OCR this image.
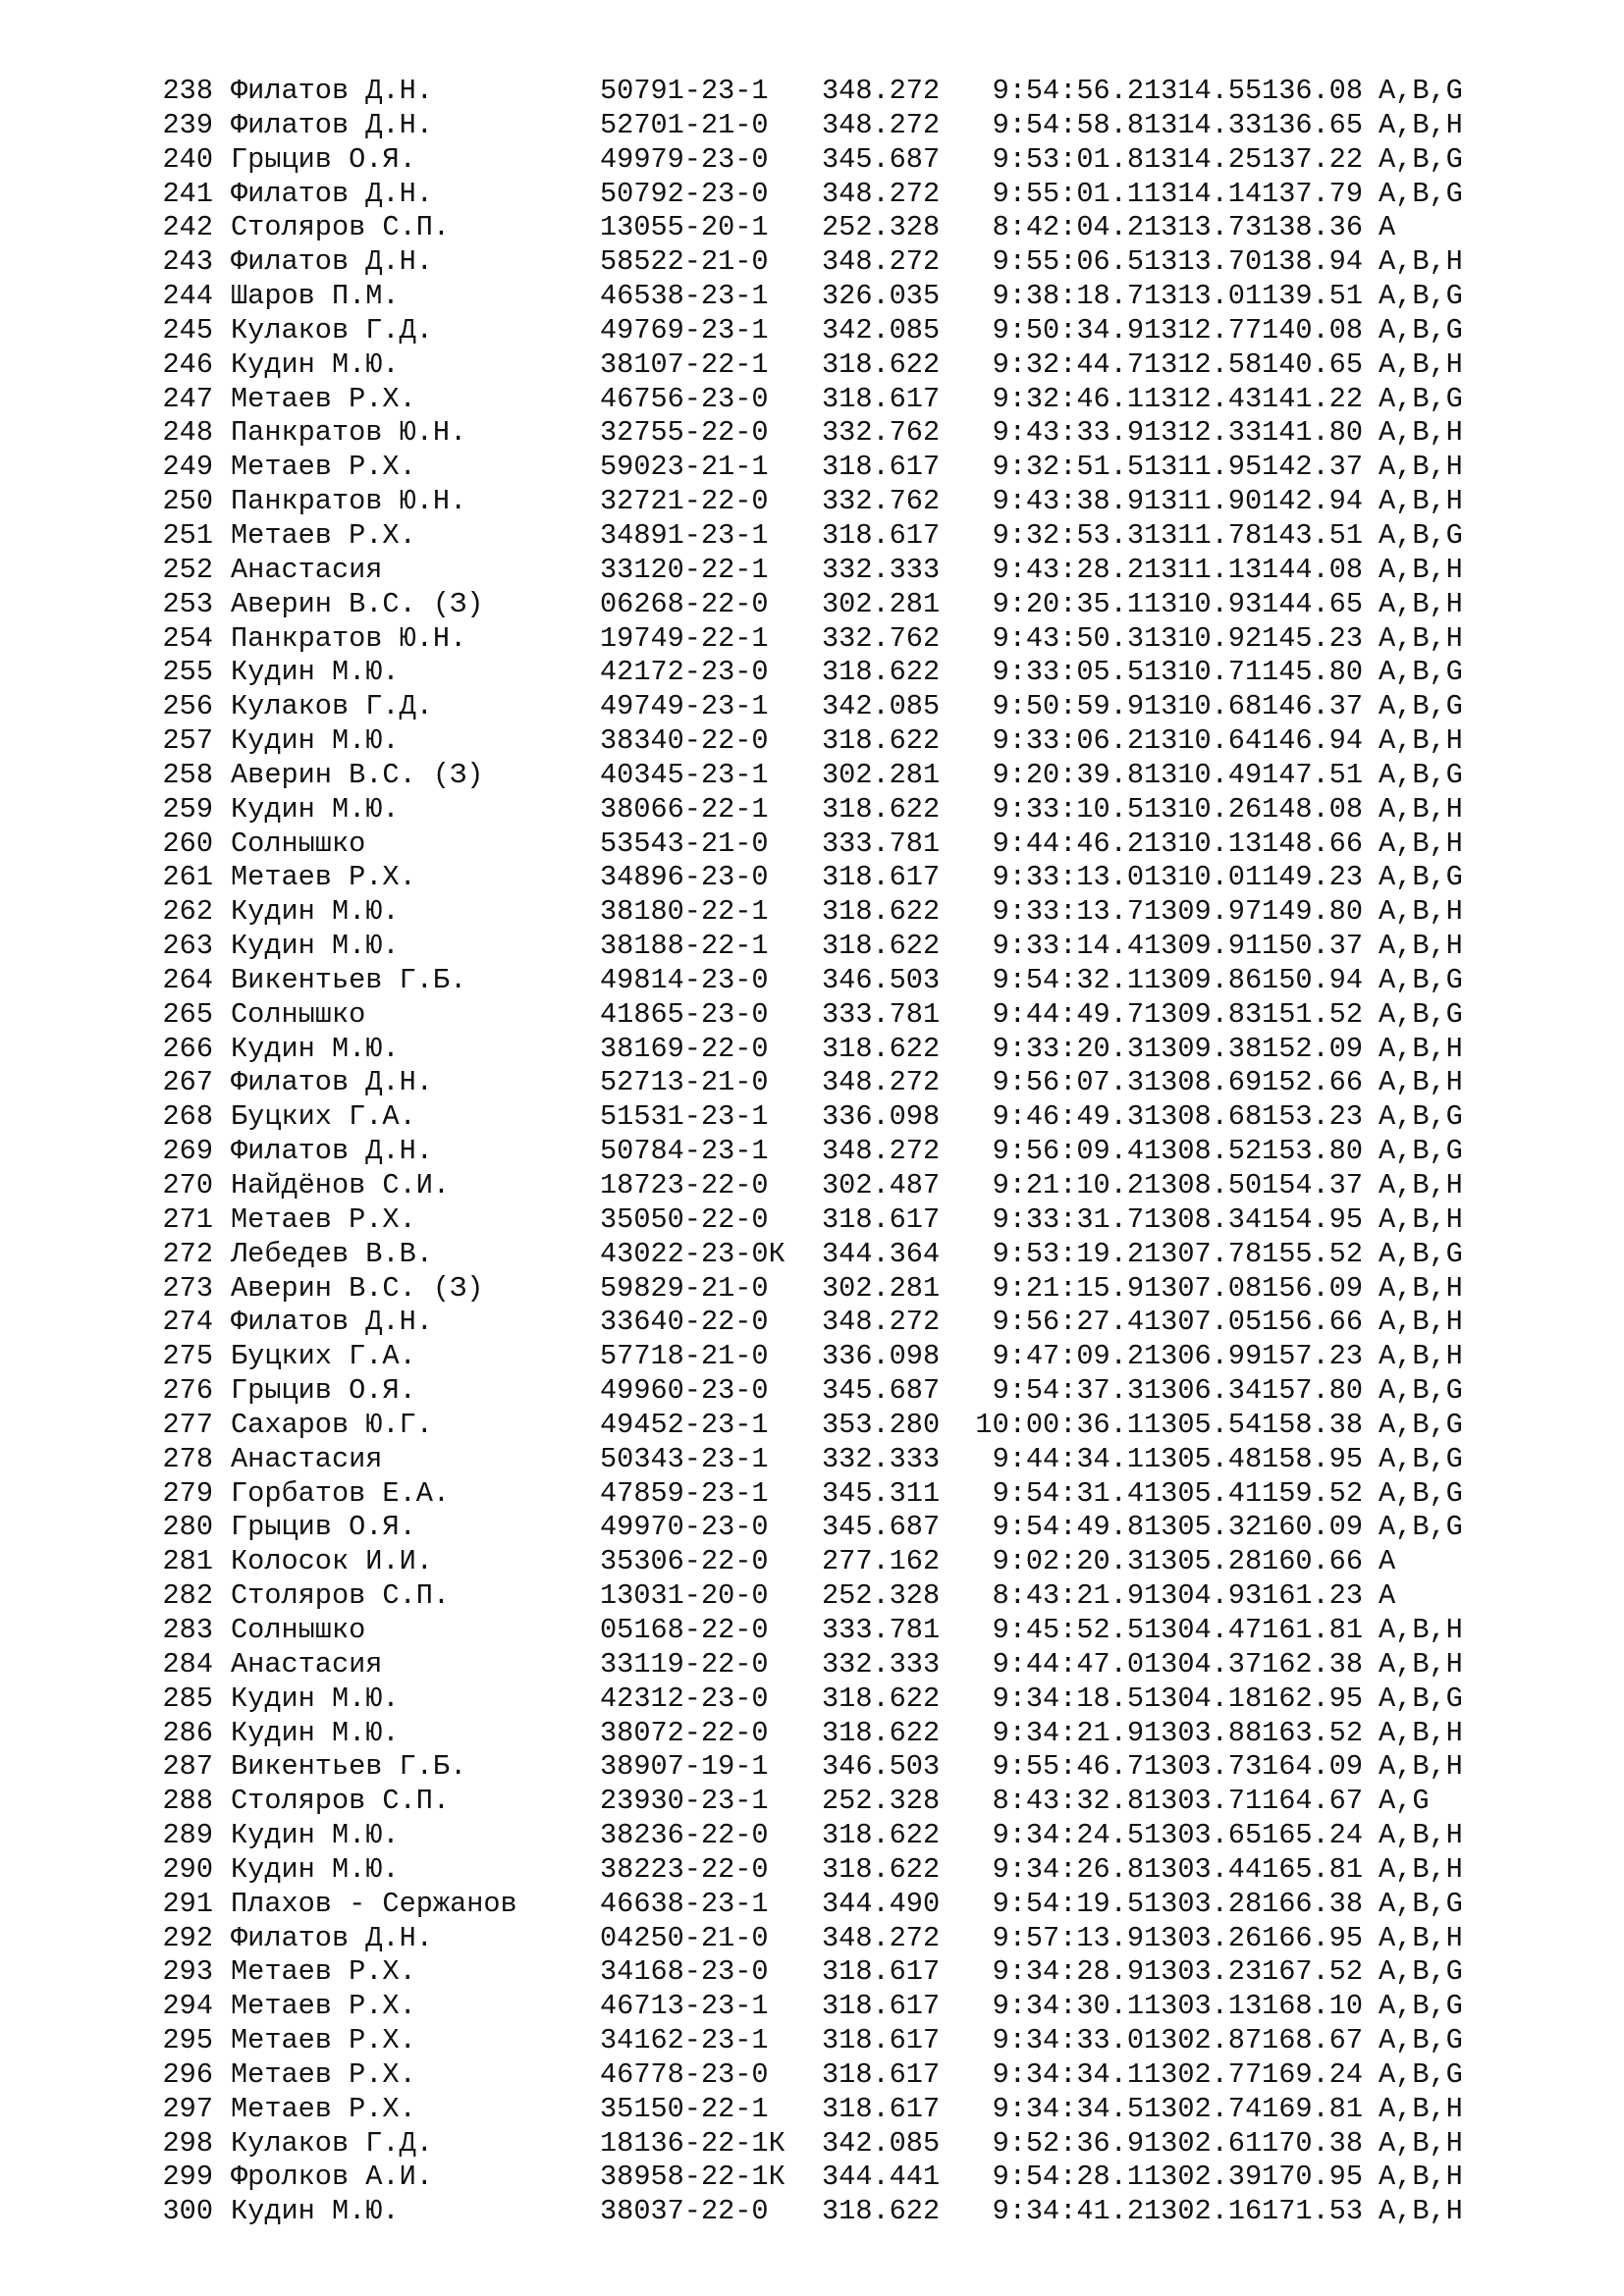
238 Филатов Д.Н.	50791-23-1 348.272 9:54:56.21314.55136.08 A,B,G
239 Филатов Д.Н.	52701-21-0 348.272 9:54:58.81314.33136.65 A,B,H
240 Грыцив О.Я.	49979-23-0 345.687 9:53:01.81314.25137.22 A,B,G
241 Филатов Д.Н.	50792-23-0 348.272 9:55:01.11314.14137.79 A,B,G
242 Столяров С.П.	13055-20-1 252.328 8:42:04.21313.73138.36 A
243 Филатов Д.Н.	58522-21-0 348.272 9:55:06.51313.70138.94 A,B,H
244 Шаров П.М.	46538-23-1 326.035 9:38:18.71313.01139.51 A,B,G
245 Кулаков Г.Д.	49769-23-1 342.085 9:50:34.91312.77140.08 A,B,G
246 Кудин М.Ю.	38107-22-1 318.622 9:32:44.71312.58140.65 A,B,H
247 Метаев Р.Х.	46756-23-0 318.617 9:32:46.11312.43141.22 A,B,G
248 Панкратов Ю.Н.	32755-22-0 332.762 9:43:33.91312.33141.80 A,B,H
249 Метаев Р.Х.	59023-21-1 318.617 9:32:51.51311.95142.37 A,B,H
250 Панкратов Ю.Н.	32721-22-0 332.762 9:43:38.91311.90142.94 A,B,H
251 Метаев Р.Х.	34891-23-1 318.617 9:32:53.31311.78143.51 A,B,G
252 Анастасия	33120-22-1 332.333 9:43:28.21311.13144.08 A,B,H
253 Аверин В.С. (З)	06268-22-0 302.281 9:20:35.11310.93144.65 A,B,H
254 Панкратов Ю.Н.	19749-22-1 332.762 9:43:50.31310.92145.23 A,B,H
255 Кудин М.Ю.	42172-23-0 318.622 9:33:05.51310.71145.80 A,B,G
256 Кулаков Г.Д.	49749-23-1 342.085 9:50:59.91310.68146.37 A,B,G
257 Кудин М.Ю.	38340-22-0 318.622 9:33:06.21310.64146.94 A,B,H
258 Аверин В.С. (З)	40345-23-1 302.281 9:20:39.81310.49147.51 A,B,G
259 Кудин М.Ю.	38066-22-1 318.622 9:33:10.51310.26148.08 A,B,H
260 Солнышко	53543-21-0 333.781 9:44:46.21310.13148.66 A,B,H
261 Метаев Р.Х.	34896-23-0 318.617 9:33:13.01310.01149.23 A,B,G
262 Кудин М.Ю.	38180-22-1 318.622 9:33:13.71309.97149.80 A,B,H
263 Кудин М.Ю.	38188-22-1 318.622 9:33:14.41309.91150.37 A,B,H
264 Викентьев Г.Б.	49814-23-0 346.503 9:54:32.11309.86150.94 A,B,G
265 Солнышко	41865-23-0 333.781 9:44:49.71309.83151.52 A,B,G
266 Кудин М.Ю.	38169-22-0 318.622 9:33:20.31309.38152.09 A,B,H
267 Филатов Д.Н.	52713-21-0 348.272 9:56:07.31308.69152.66 A,B,H
268 Буцких Г.А.	51531-23-1 336.098 9:46:49.31308.68153.23 A,B,G
269 Филатов Д.Н.	50784-23-1 348.272 9:56:09.41308.52153.80 A,B,G
270 Найдёнов С.И.	18723-22-0 302.487 9:21:10.21308.50154.37 A,B,H
271 Метаев Р.Х.	35050-22-0 318.617 9:33:31.71308.34154.95 A,B,H
272 Лебедев В.В.	43022-23-0К 344.364 9:53:19.21307.78155.52 A,B,G
273 Аверин В.С. (З)	59829-21-0 302.281 9:21:15.91307.08156.09 A,B,H
274 Филатов Д.Н.	33640-22-0 348.272 9:56:27.41307.05156.66 A,B,H
275 Буцких Г.А.	57718-21-0 336.098 9:47:09.21306.99157.23 A,B,H
276 Грыцив О.Я.	49960-23-0 345.687 9:54:37.31306.34157.80 A,B,G
277 Сахаров Ю.Г.	49452-23-1 353.280 10:00:36.11305.54158.38 A,B,G
278 Анастасия	50343-23-1 332.333 9:44:34.11305.48158.95 A,B,G
279 Горбатов Е.А.	47859-23-1 345.311 9:54:31.41305.41159.52 A,B,G
280 Грыцив О.Я.	49970-23-0 345.687 9:54:49.81305.32160.09 A,B,G
281 Колосок И.И.	35306-22-0 277.162 9:02:20.31305.28160.66 A
282 Столяров С.П.	13031-20-0 252.328 8:43:21.91304.93161.23 A
283 Солнышко	05168-22-0 333.781 9:45:52.51304.47161.81 A,B,H
284 Анастасия	33119-22-0 332.333 9:44:47.01304.37162.38 A,B,H
285 Кудин М.Ю.	42312-23-0 318.622 9:34:18.51304.18162.95 A,B,G
286 Кудин М.Ю.	38072-22-0 318.622 9:34:21.91303.88163.52 A,B,H
287 Викентьев Г.Б.	38907-19-1 346.503 9:55:46.71303.73164.09 A,B,H
288 Столяров С.П.	23930-23-1 252.328 8:43:32.81303.71164.67 A,G
289 Кудин М.Ю.	38236-22-0 318.622 9:34:24.51303.65165.24 A,B,H
290 Кудин М.Ю.	38223-22-0 318.622 9:34:26.81303.44165.81 A,B,H
291 Плахов - Сержанов	46638-23-1 344.490 9:54:19.51303.28166.38 A,B,G
292 Филатов Д.Н.	04250-21-0 348.272 9:57:13.91303.26166.95 A,B,H
293 Метаев Р.Х.	34168-23-0 318.617 9:34:28.91303.23167.52 A,B,G
294 Метаев Р.Х.	46713-23-1 318.617 9:34:30.11303.13168.10 A,B,G
295 Метаев Р.Х.	34162-23-1 318.617 9:34:33.01302.87168.67 A,B,G
296 Метаев Р.Х.	46778-23-0 318.617 9:34:34.11302.77169.24 A,B,G
297 Метаев Р.Х.	35150-22-1 318.617 9:34:34.51302.74169.81 A,B,H
298 Кулаков Г.Д.	18136-22-1К 342.085 9:52:36.91302.61170.38 A,B,H
299 Фролков А.И.	38958-22-1К 344.441 9:54:28.11302.39170.95 A,B,H
300 Кудин М.Ю.	38037-22-0 318.622 9:34:41.21302.16171.53 A,B,H
